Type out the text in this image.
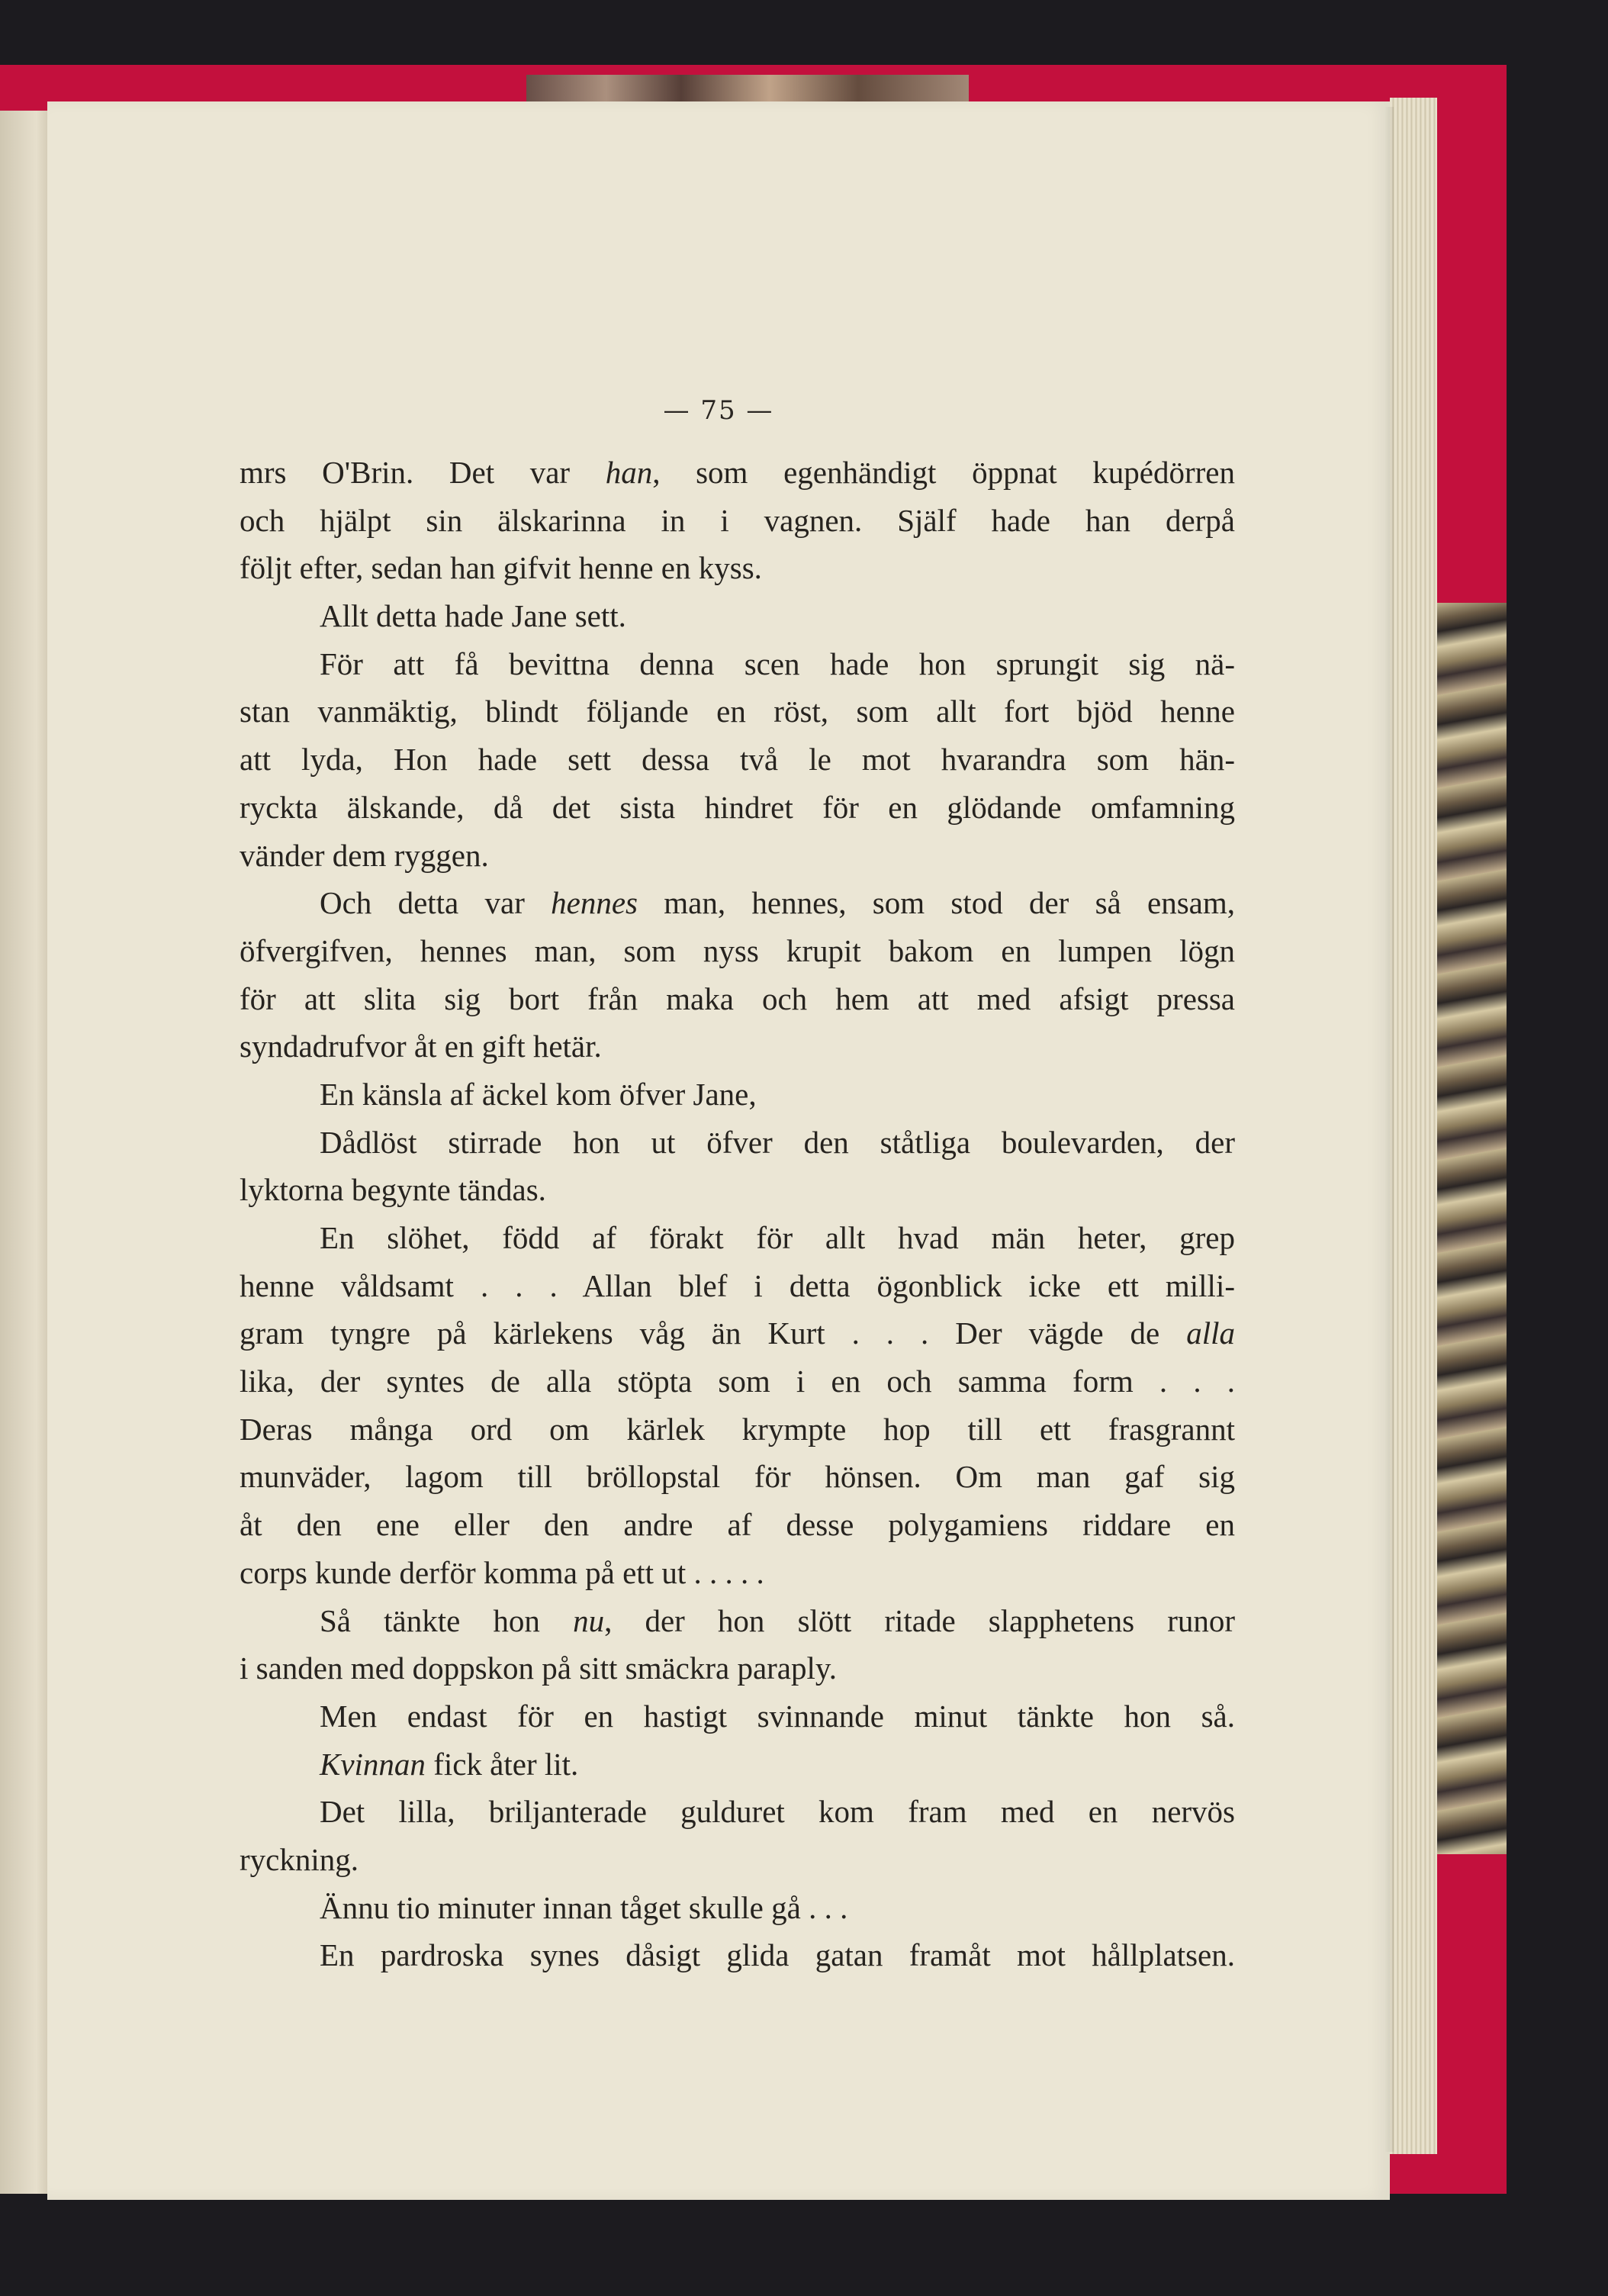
— 75 —
mrs O'Brin. Det var han, som egenhändigt öppnat kupédörren
och hjälpt sin älskarinna in i vagnen. Själf hade han derpå
följt efter, sedan han gifvit henne en kyss.
Allt detta hade Jane sett.
För att få bevittna denna scen hade hon sprungit sig nä-
stan vanmäktig, blindt följande en röst, som allt fort bjöd henne
att lyda, Hon hade sett dessa två le mot hvarandra som hän-
ryckta älskande, då det sista hindret för en glödande omfamning
vänder dem ryggen.
Och detta var hennes man, hennes, som stod der så ensam,
öfvergifven, hennes man, som nyss krupit bakom en lumpen lögn
för att slita sig bort från maka och hem att med afsigt pressa
syndadrufvor åt en gift hetär.
En känsla af äckel kom öfver Jane,
Dådlöst stirrade hon ut öfver den ståtliga boulevarden, der
lyktorna begynte tändas.
En slöhet, född af förakt för allt hvad män heter, grep
henne våldsamt . . . Allan blef i detta ögonblick icke ett milli-
gram tyngre på kärlekens våg än Kurt . . . Der vägde de alla
lika, der syntes de alla stöpta som i en och samma form . . .
Deras många ord om kärlek krympte hop till ett frasgrannt
munväder, lagom till bröllopstal för hönsen. Om man gaf sig
åt den ene eller den andre af desse polygamiens riddare en
corps kunde derför komma på ett ut . . . . .
Så tänkte hon nu, der hon slött ritade slapphetens runor
i sanden med doppskon på sitt smäckra paraply.
Men endast för en hastigt svinnande minut tänkte hon så.
Kvinnan fick åter lit.
Det lilla, briljanterade gulduret kom fram med en nervös
ryckning.
Ännu tio minuter innan tåget skulle gå . . .
En pardroska synes dåsigt glida gatan framåt mot hållplatsen.
